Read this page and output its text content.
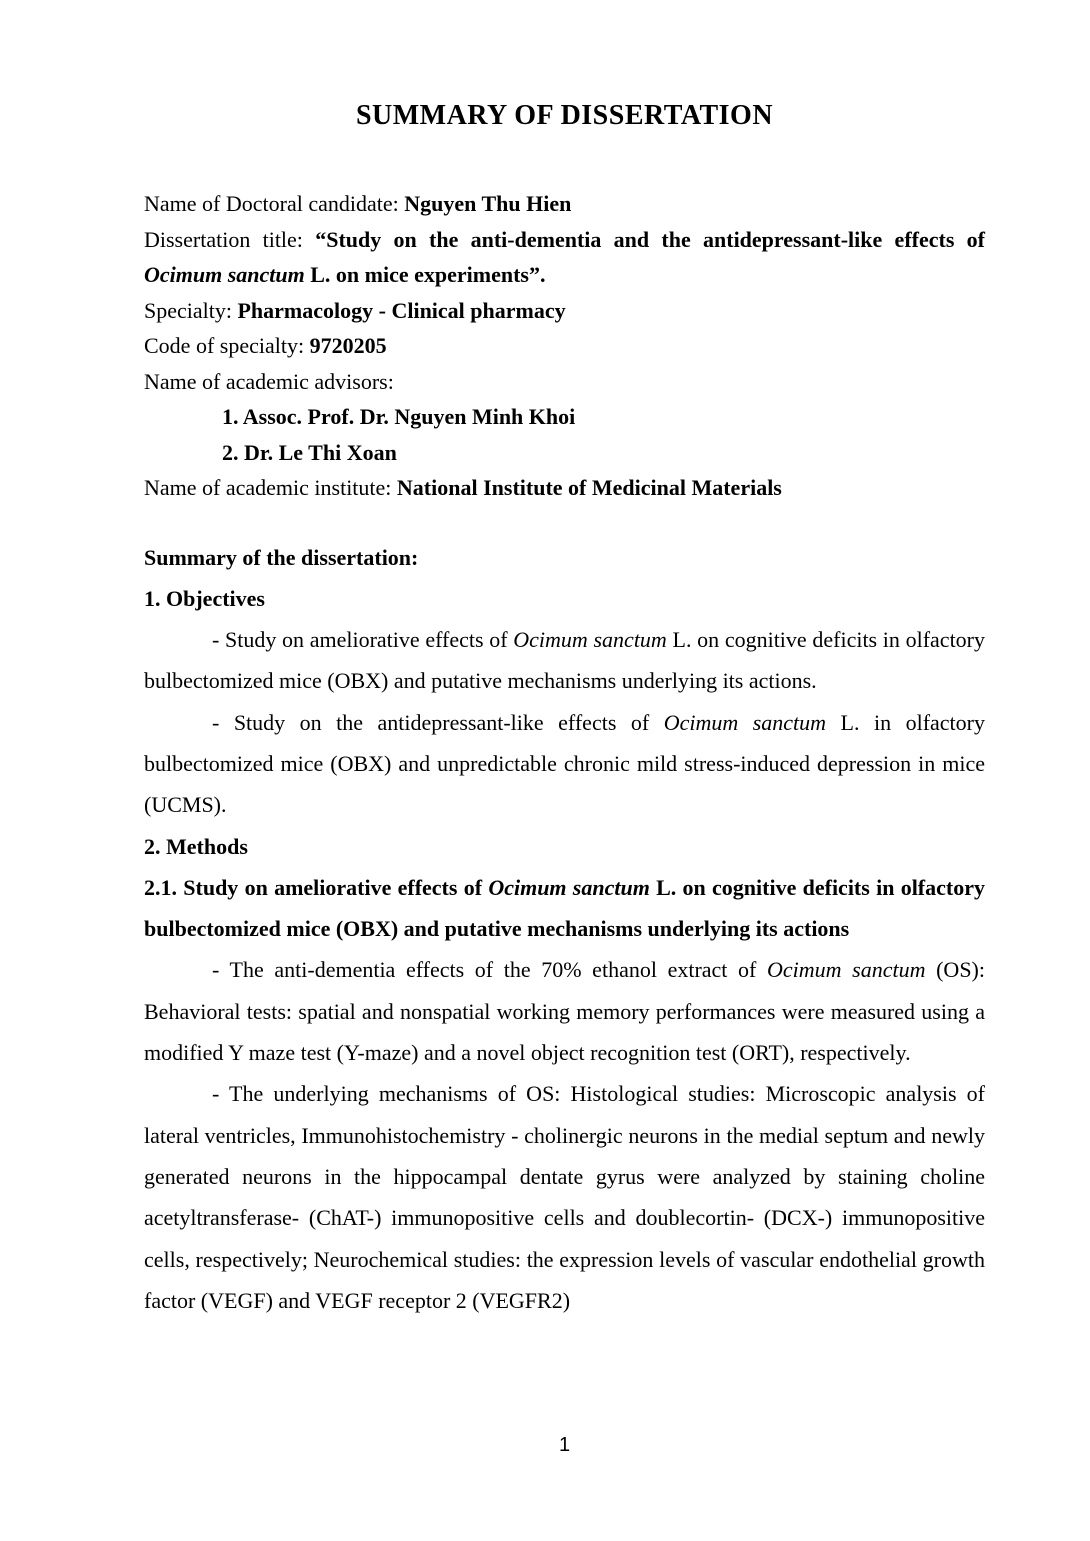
SUMMARY OF DISSERTATION

Name of Doctoral candidate: Nguyen Thu Hien

Dissertation title: “Study on the anti-dementia and the antidepressant-like effects of Ocimum sanctum L. on mice experiments”.

Specialty: Pharmacology - Clinical pharmacy

Code of specialty: 9720205

Name of academic advisors:

1. Assoc. Prof. Dr. Nguyen Minh Khoi

2. Dr. Le Thi Xoan

Name of academic institute: National Institute of Medicinal Materials

Summary of the dissertation:

1. Objectives

- Study on ameliorative effects of Ocimum sanctum L. on cognitive deficits in olfactory bulbectomized mice (OBX) and putative mechanisms underlying its actions.

- Study on the antidepressant-like effects of Ocimum sanctum L. in olfactory bulbectomized mice (OBX) and unpredictable chronic mild stress-induced depression in mice (UCMS).

2. Methods

2.1. Study on ameliorative effects of Ocimum sanctum L. on cognitive deficits in olfactory bulbectomized mice (OBX) and putative mechanisms underlying its actions

- The anti-dementia effects of the 70% ethanol extract of Ocimum sanctum (OS): Behavioral tests: spatial and nonspatial working memory performances were measured using a modified Y maze test (Y-maze) and a novel object recognition test (ORT), respectively.

- The underlying mechanisms of OS: Histological studies: Microscopic analysis of lateral ventricles, Immunohistochemistry - cholinergic neurons in the medial septum and newly generated neurons in the hippocampal dentate gyrus were analyzed by staining choline acetyltransferase- (ChAT-) immunopositive cells and doublecortin- (DCX-) immunopositive cells, respectively; Neurochemical studies: the expression levels of vascular endothelial growth factor (VEGF) and VEGF receptor 2 (VEGFR2)

1
